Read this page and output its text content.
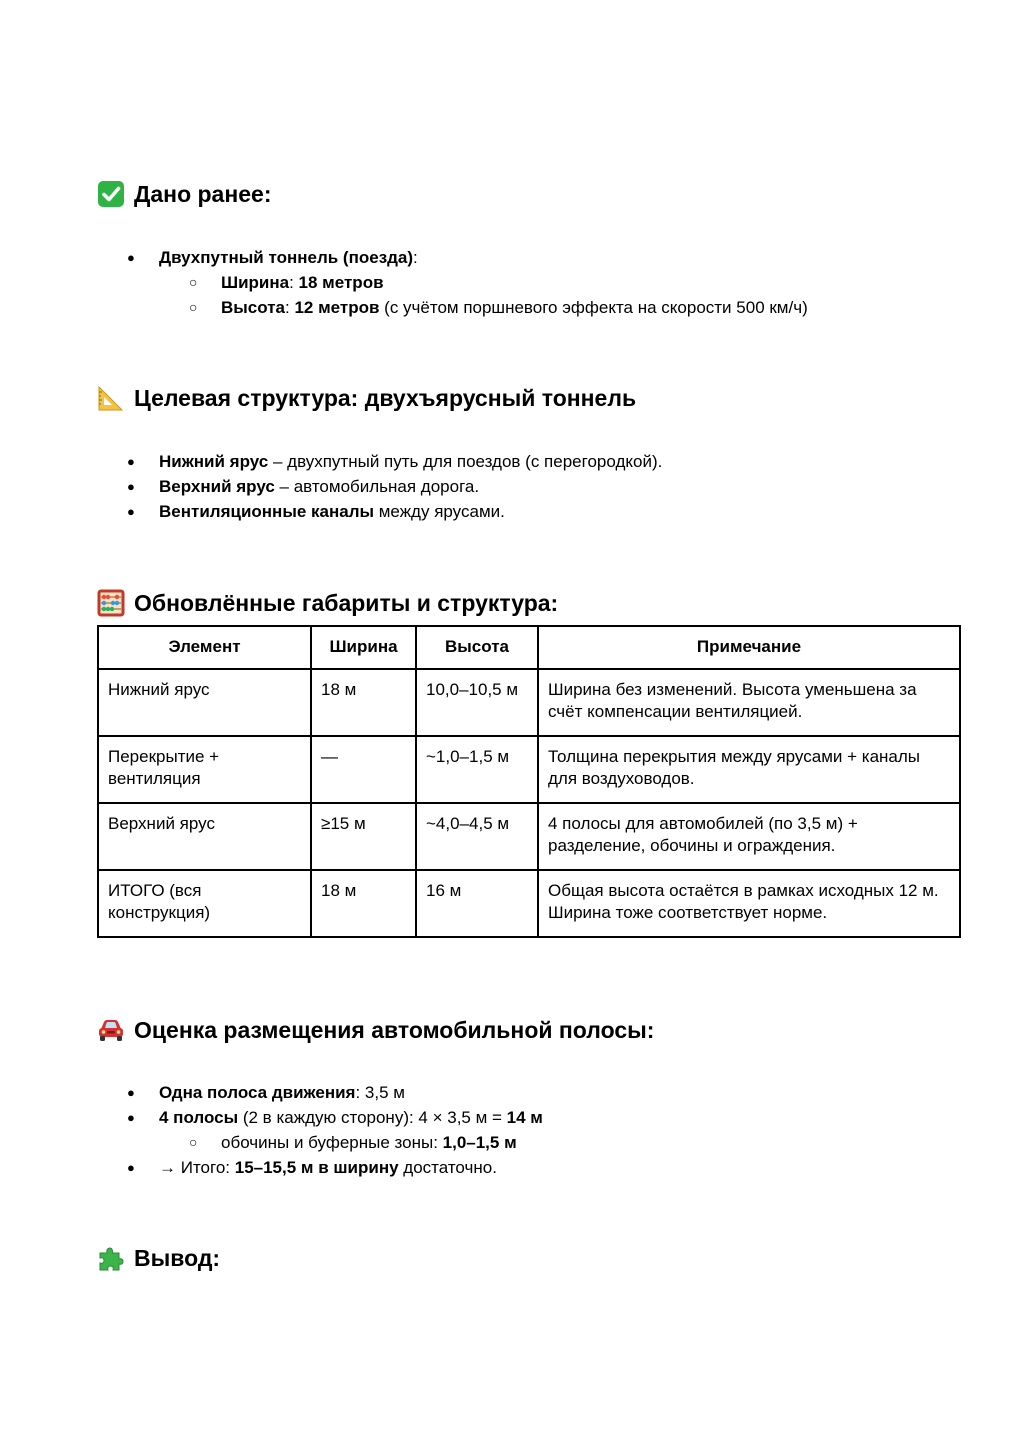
Дано ранее:
● Двухпутный тоннель (поезда):
○ Ширина: 18 метров
○ Высота: 12 метров (с учётом поршневого эффекта на скорости 500 км/ч)
Целевая структура: двухъярусный тоннель
● Нижний ярус – двухпутный путь для поездов (с перегородкой).
● Верхний ярус – автомобильная дорога.
● Вентиляционные каналы между ярусами.
Обновлённые габариты и структура:
Элемент	Ширина	Высота	Примечание
Нижний ярус	18 м	10,0–10,5 м	Ширина без изменений. Высота уменьшена за счёт компенсации вентиляцией.
Перекрытие + вентиляция	—	~1,0–1,5 м	Толщина перекрытия между ярусами + каналы для воздуховодов.
Верхний ярус	≥15 м	~4,0–4,5 м	4 полосы для автомобилей (по 3,5 м) + разделение, обочины и ограждения.
ИТОГО (вся конструкция)	18 м	16 м	Общая высота остаётся в рамках исходных 12 м. Ширина тоже соответствует норме.
Оценка размещения автомобильной полосы:
● Одна полоса движения: 3,5 м
● 4 полосы (2 в каждую сторону): 4 × 3,5 м = 14 м
○ обочины и буферные зоны: 1,0–1,5 м
● → Итого: 15–15,5 м в ширину достаточно.
Вывод:
